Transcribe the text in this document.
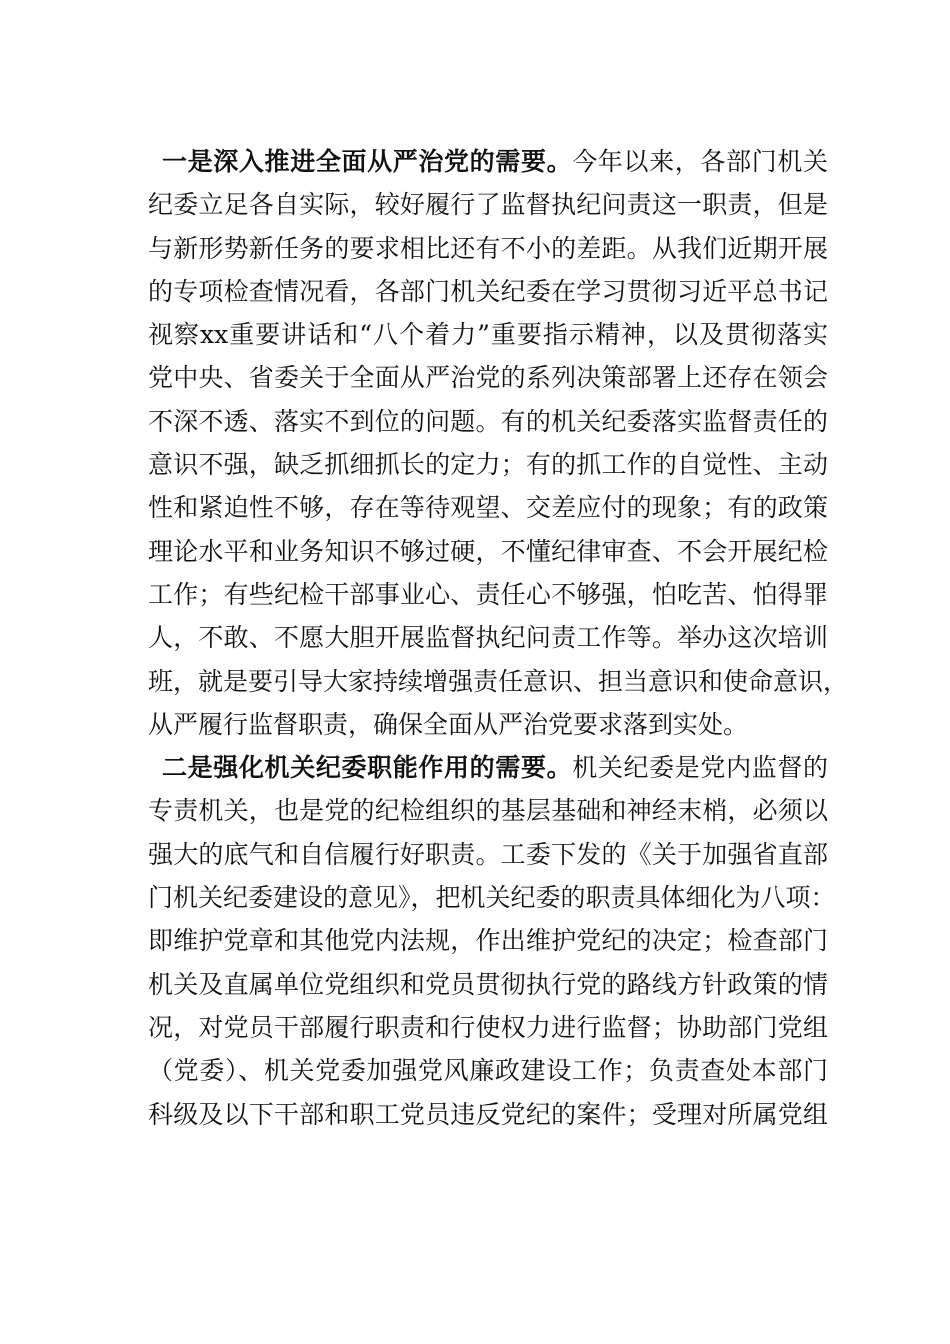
一是深入推进全面从严治党的需要。今年以来，各部门机关
纪委立足各自实际，较好履行了监督执纪问责这一职责，但是
与新形势新任务的要求相比还有不小的差距。从我们近期开展
的专项检查情况看，各部门机关纪委在学习贯彻习近平总书记
视察xx重要讲话和“八个着力”重要指示精神，以及贯彻落实
党中央、省委关于全面从严治党的系列决策部署上还存在领会
不深不透、落实不到位的问题。有的机关纪委落实监督责任的
意识不强，缺乏抓细抓长的定力；有的抓工作的自觉性、主动
性和紧迫性不够，存在等待观望、交差应付的现象；有的政策
理论水平和业务知识不够过硬，不懂纪律审查、不会开展纪检
工作；有些纪检干部事业心、责任心不够强，怕吃苦、怕得罪
人，不敢、不愿大胆开展监督执纪问责工作等。举办这次培训
班，就是要引导大家持续增强责任意识、担当意识和使命意识，
从严履行监督职责，确保全面从严治党要求落到实处。
二是强化机关纪委职能作用的需要。机关纪委是党内监督的
专责机关，也是党的纪检组织的基层基础和神经末梢，必须以
强大的底气和自信履行好职责。工委下发的《关于加强省直部
门机关纪委建设的意见》，把机关纪委的职责具体细化为八项：
即维护党章和其他党内法规，作出维护党纪的决定；检查部门
机关及直属单位党组织和党员贯彻执行党的路线方针政策的情
况，对党员干部履行职责和行使权力进行监督；协助部门党组
（党委）、机关党委加强党风廉政建设工作；负责查处本部门
科级及以下干部和职工党员违反党纪的案件；受理对所属党组
